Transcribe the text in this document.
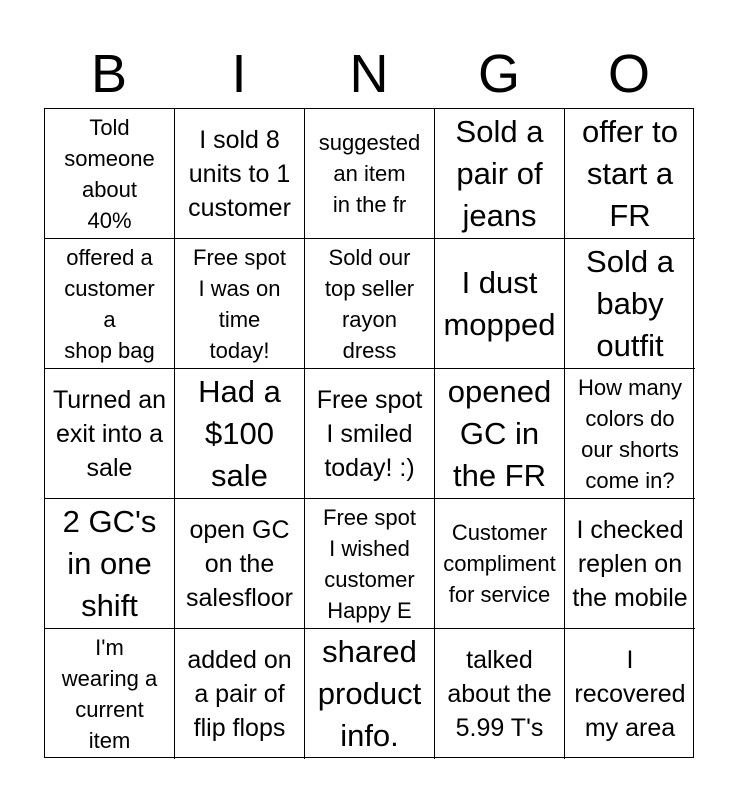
B	I	N	G	O
Told
someone
about
40%
I sold 8
units to 1
customer
suggested
an item
in the fr
Sold a
pair of
jeans
offer to
start a
FR
offered a
customer
a
shop bag
Free spot
I was on
time
today!
Sold our
top seller
rayon
dress
I dust
mopped
Sold a
baby
outfit
Turned an
exit into a
sale
Had a
$100
sale
Free spot
I smiled
today! :)
opened
GC in
the FR
How many
colors do
our shorts
come in?
2 GC's
in one
shift
open GC
on the
salesfloor
Free spot
I wished
customer
Happy E
Customer
compliment
for service
I checked
replen on
the mobile
I'm
wearing a
current
item
added on
a pair of
flip flops
shared
product
info.
talked
about the
5.99 T's
I
recovered
my area
